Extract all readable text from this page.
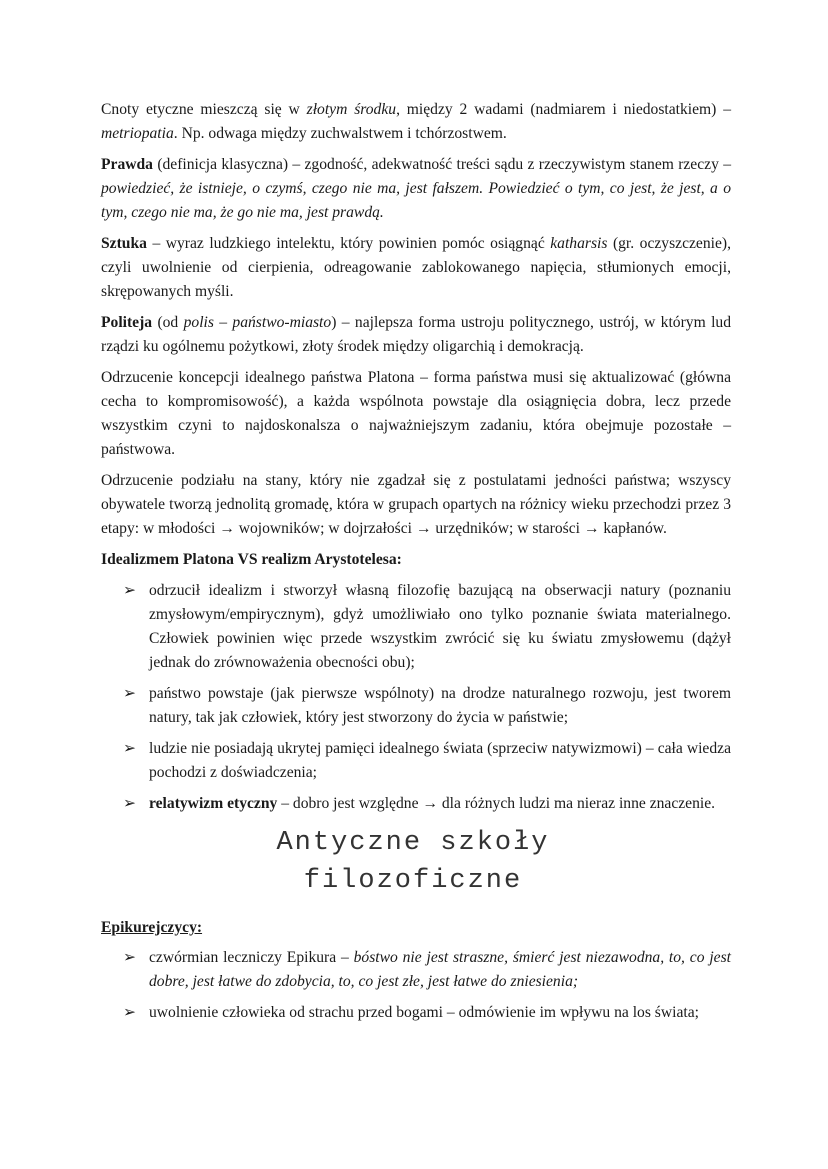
Cnoty etyczne mieszczą się w złotym środku, między 2 wadami (nadmiarem i niedostatkiem) – metriopatia. Np. odwaga między zuchwalstwem i tchórzostwem.

Prawda (definicja klasyczna) – zgodność, adekwatność treści sądu z rzeczywistym stanem rzeczy – powiedzieć, że istnieje, o czymś, czego nie ma, jest fałszem. Powiedzieć o tym, co jest, że jest, a o tym, czego nie ma, że go nie ma, jest prawdą.

Sztuka – wyraz ludzkiego intelektu, który powinien pomóc osiągnąć katharsis (gr. oczyszczenie), czyli uwolnienie od cierpienia, odreagowanie zablokowanego napięcia, stłumionych emocji, skrępowanych myśli.

Politeja (od polis – państwo-miasto) – najlepsza forma ustroju politycznego, ustrój, w którym lud rządzi ku ogólnemu pożytkowi, złoty środek między oligarchią i demokracją.

Odrzucenie koncepcji idealnego państwa Platona – forma państwa musi się aktualizować (główna cecha to kompromisowość), a każda wspólnota powstaje dla osiągnięcia dobra, lecz przede wszystkim czyni to najdoskonalsza o najważniejszym zadaniu, która obejmuje pozostałe – państwowa.

Odrzucenie podziału na stany, który nie zgadzał się z postulatami jedności państwa; wszyscy obywatele tworzą jednolitą gromadę, która w grupach opartych na różnicy wieku przechodzi przez 3 etapy: w młodości → wojowników; w dojrzałości → urzędników; w starości → kapłanów.

Idealizmem Platona VS realizm Arystotelesa:

➢ odrzucił idealizm i stworzył własną filozofię bazującą na obserwacji natury (poznaniu zmysłowym/empirycznym), gdyż umożliwiało ono tylko poznanie świata materialnego. Człowiek powinien więc przede wszystkim zwrócić się ku światu zmysłowemu (dążył jednak do zrównoważenia obecności obu);
➢ państwo powstaje (jak pierwsze wspólnoty) na drodze naturalnego rozwoju, jest tworem natury, tak jak człowiek, który jest stworzony do życia w państwie;
➢ ludzie nie posiadają ukrytej pamięci idealnego świata (sprzeciw natywizmowi) – cała wiedza pochodzi z doświadczenia;
➢ relatywizm etyczny – dobro jest względne → dla różnych ludzi ma nieraz inne znaczenie.
Antyczne szkoły
filozoficzne

Epikurejczycy:

➢ czwórmian leczniczy Epikura – bóstwo nie jest straszne, śmierć jest niezawodna, to, co jest dobre, jest łatwe do zdobycia, to, co jest złe, jest łatwe do zniesienia;
➢ uwolnienie człowieka od strachu przed bogami – odmówienie im wpływu na los świata;
